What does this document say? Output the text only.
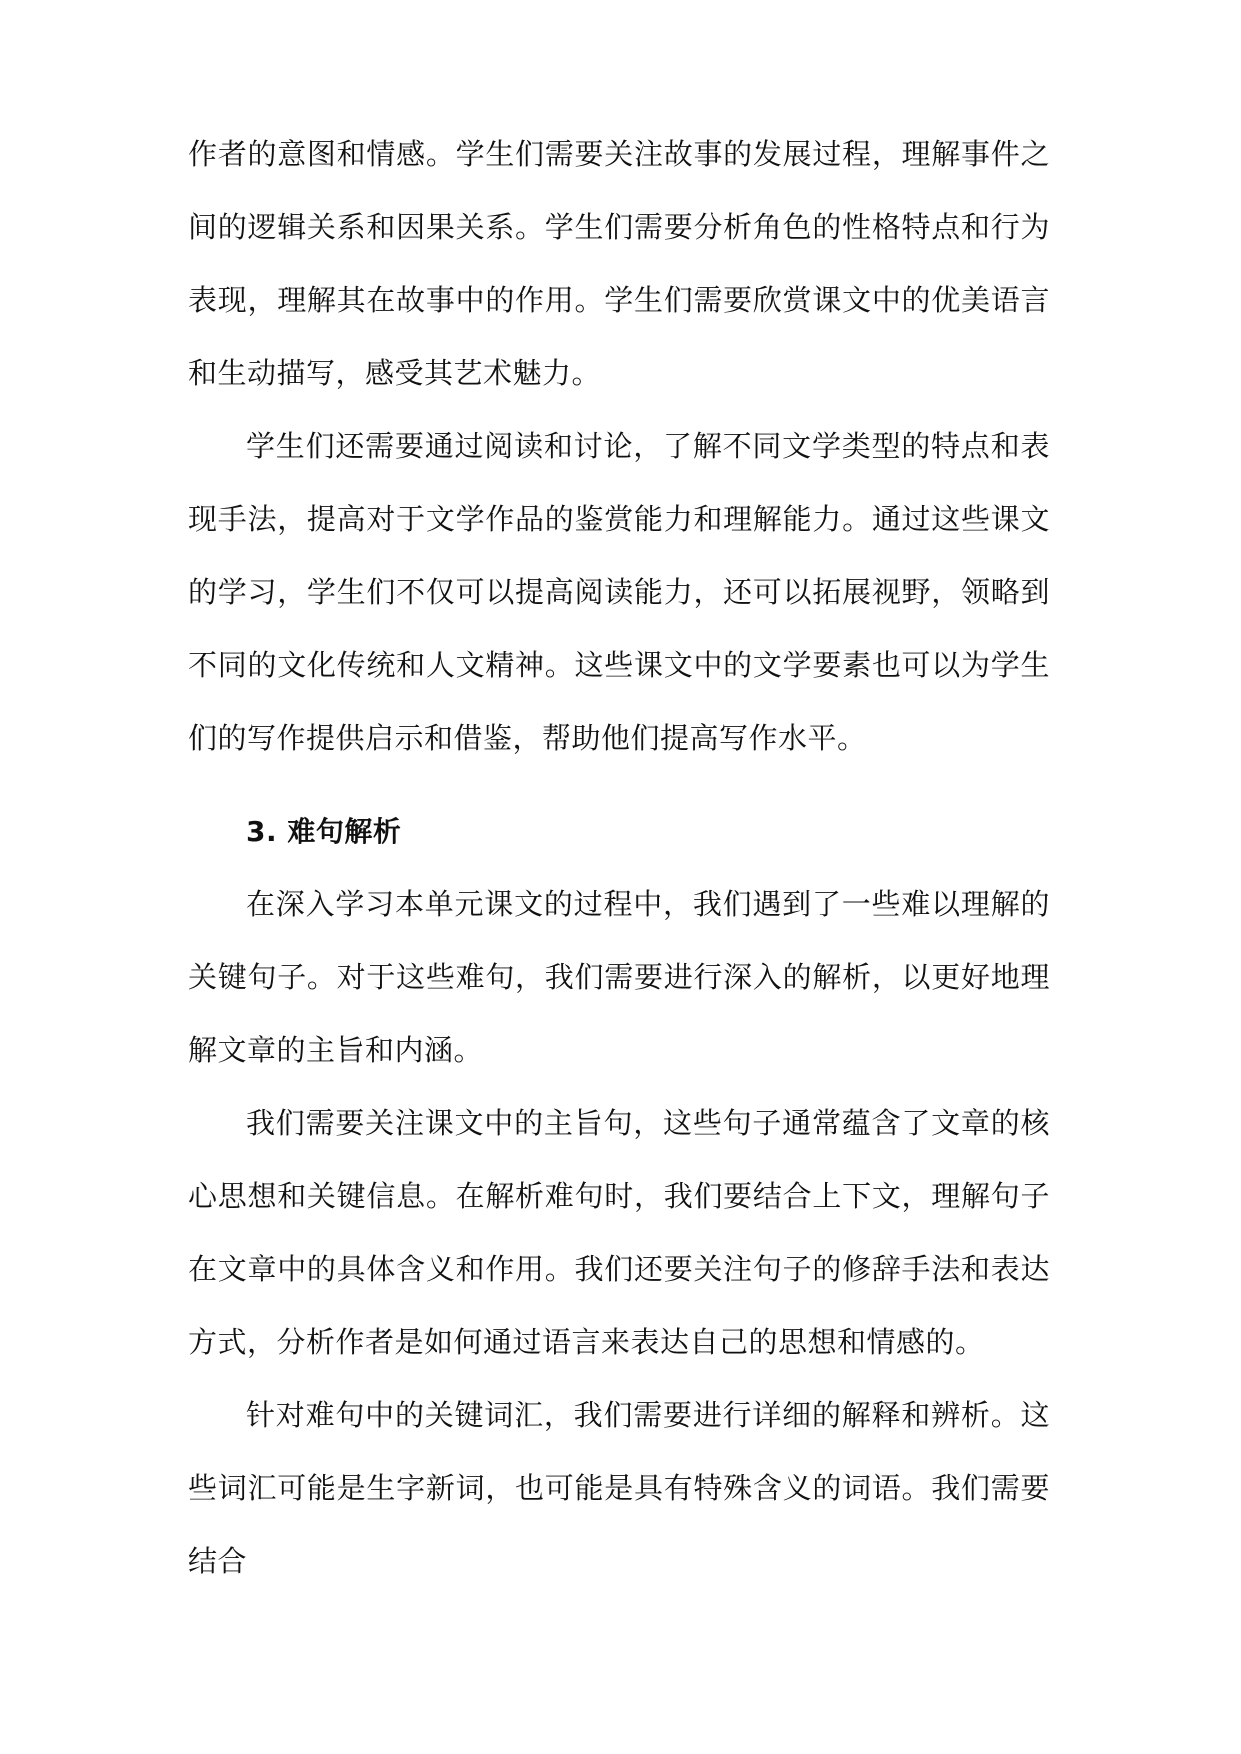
作者的意图和情感。学生们需要关注故事的发展过程，理解事件之间的逻辑关系和因果关系。学生们需要分析角色的性格特点和行为表现，理解其在故事中的作用。学生们需要欣赏课文中的优美语言和生动描写，感受其艺术魅力。

学生们还需要通过阅读和讨论，了解不同文学类型的特点和表现手法，提高对于文学作品的鉴赏能力和理解能力。通过这些课文的学习，学生们不仅可以提高阅读能力，还可以拓展视野，领略到不同的文化传统和人文精神。这些课文中的文学要素也可以为学生们的写作提供启示和借鉴，帮助他们提高写作水平。

3. 难句解析

在深入学习本单元课文的过程中，我们遇到了一些难以理解的关键句子。对于这些难句，我们需要进行深入的解析，以更好地理解文章的主旨和内涵。

我们需要关注课文中的主旨句，这些句子通常蕴含了文章的核心思想和关键信息。在解析难句时，我们要结合上下文，理解句子在文章中的具体含义和作用。我们还要关注句子的修辞手法和表达方式，分析作者是如何通过语言来表达自己的思想和情感的。

针对难句中的关键词汇，我们需要进行详细的解释和辨析。这些词汇可能是生字新词，也可能是具有特殊含义的词语。我们需要结合
